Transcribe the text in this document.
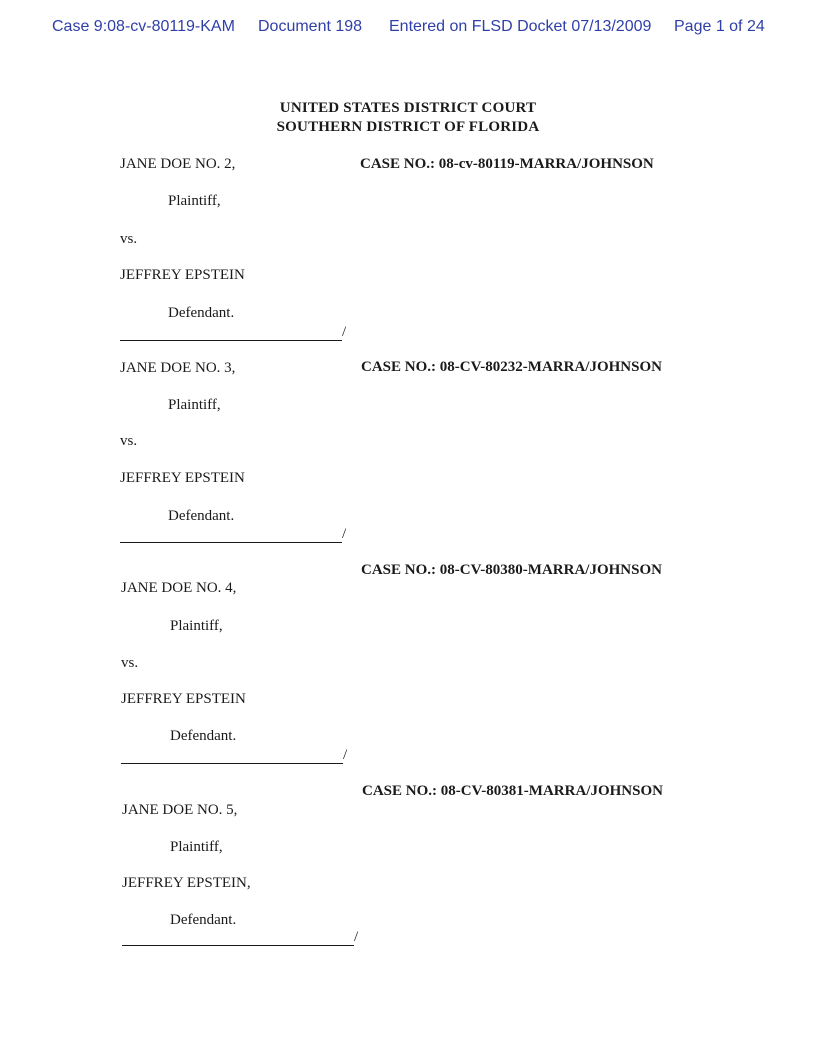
Case 9:08-cv-80119-KAM Document 198 Entered on FLSD Docket 07/13/2009 Page 1 of 24
UNITED STATES DISTRICT COURT
SOUTHERN DISTRICT OF FLORIDA
JANE DOE NO. 2,	CASE NO.: 08-cv-80119-MARRA/JOHNSON
Plaintiff,
vs.
JEFFREY EPSTEIN
Defendant.
/
JANE DOE NO. 3,	CASE NO.: 08-CV-80232-MARRA/JOHNSON
Plaintiff,
vs.
JEFFREY EPSTEIN
Defendant.
/
CASE NO.: 08-CV-80380-MARRA/JOHNSON
JANE DOE NO. 4,
Plaintiff,
vs.
JEFFREY EPSTEIN
Defendant.
/
CASE NO.: 08-CV-80381-MARRA/JOHNSON
JANE DOE NO. 5,
Plaintiff,
JEFFREY EPSTEIN,
Defendant.
/
